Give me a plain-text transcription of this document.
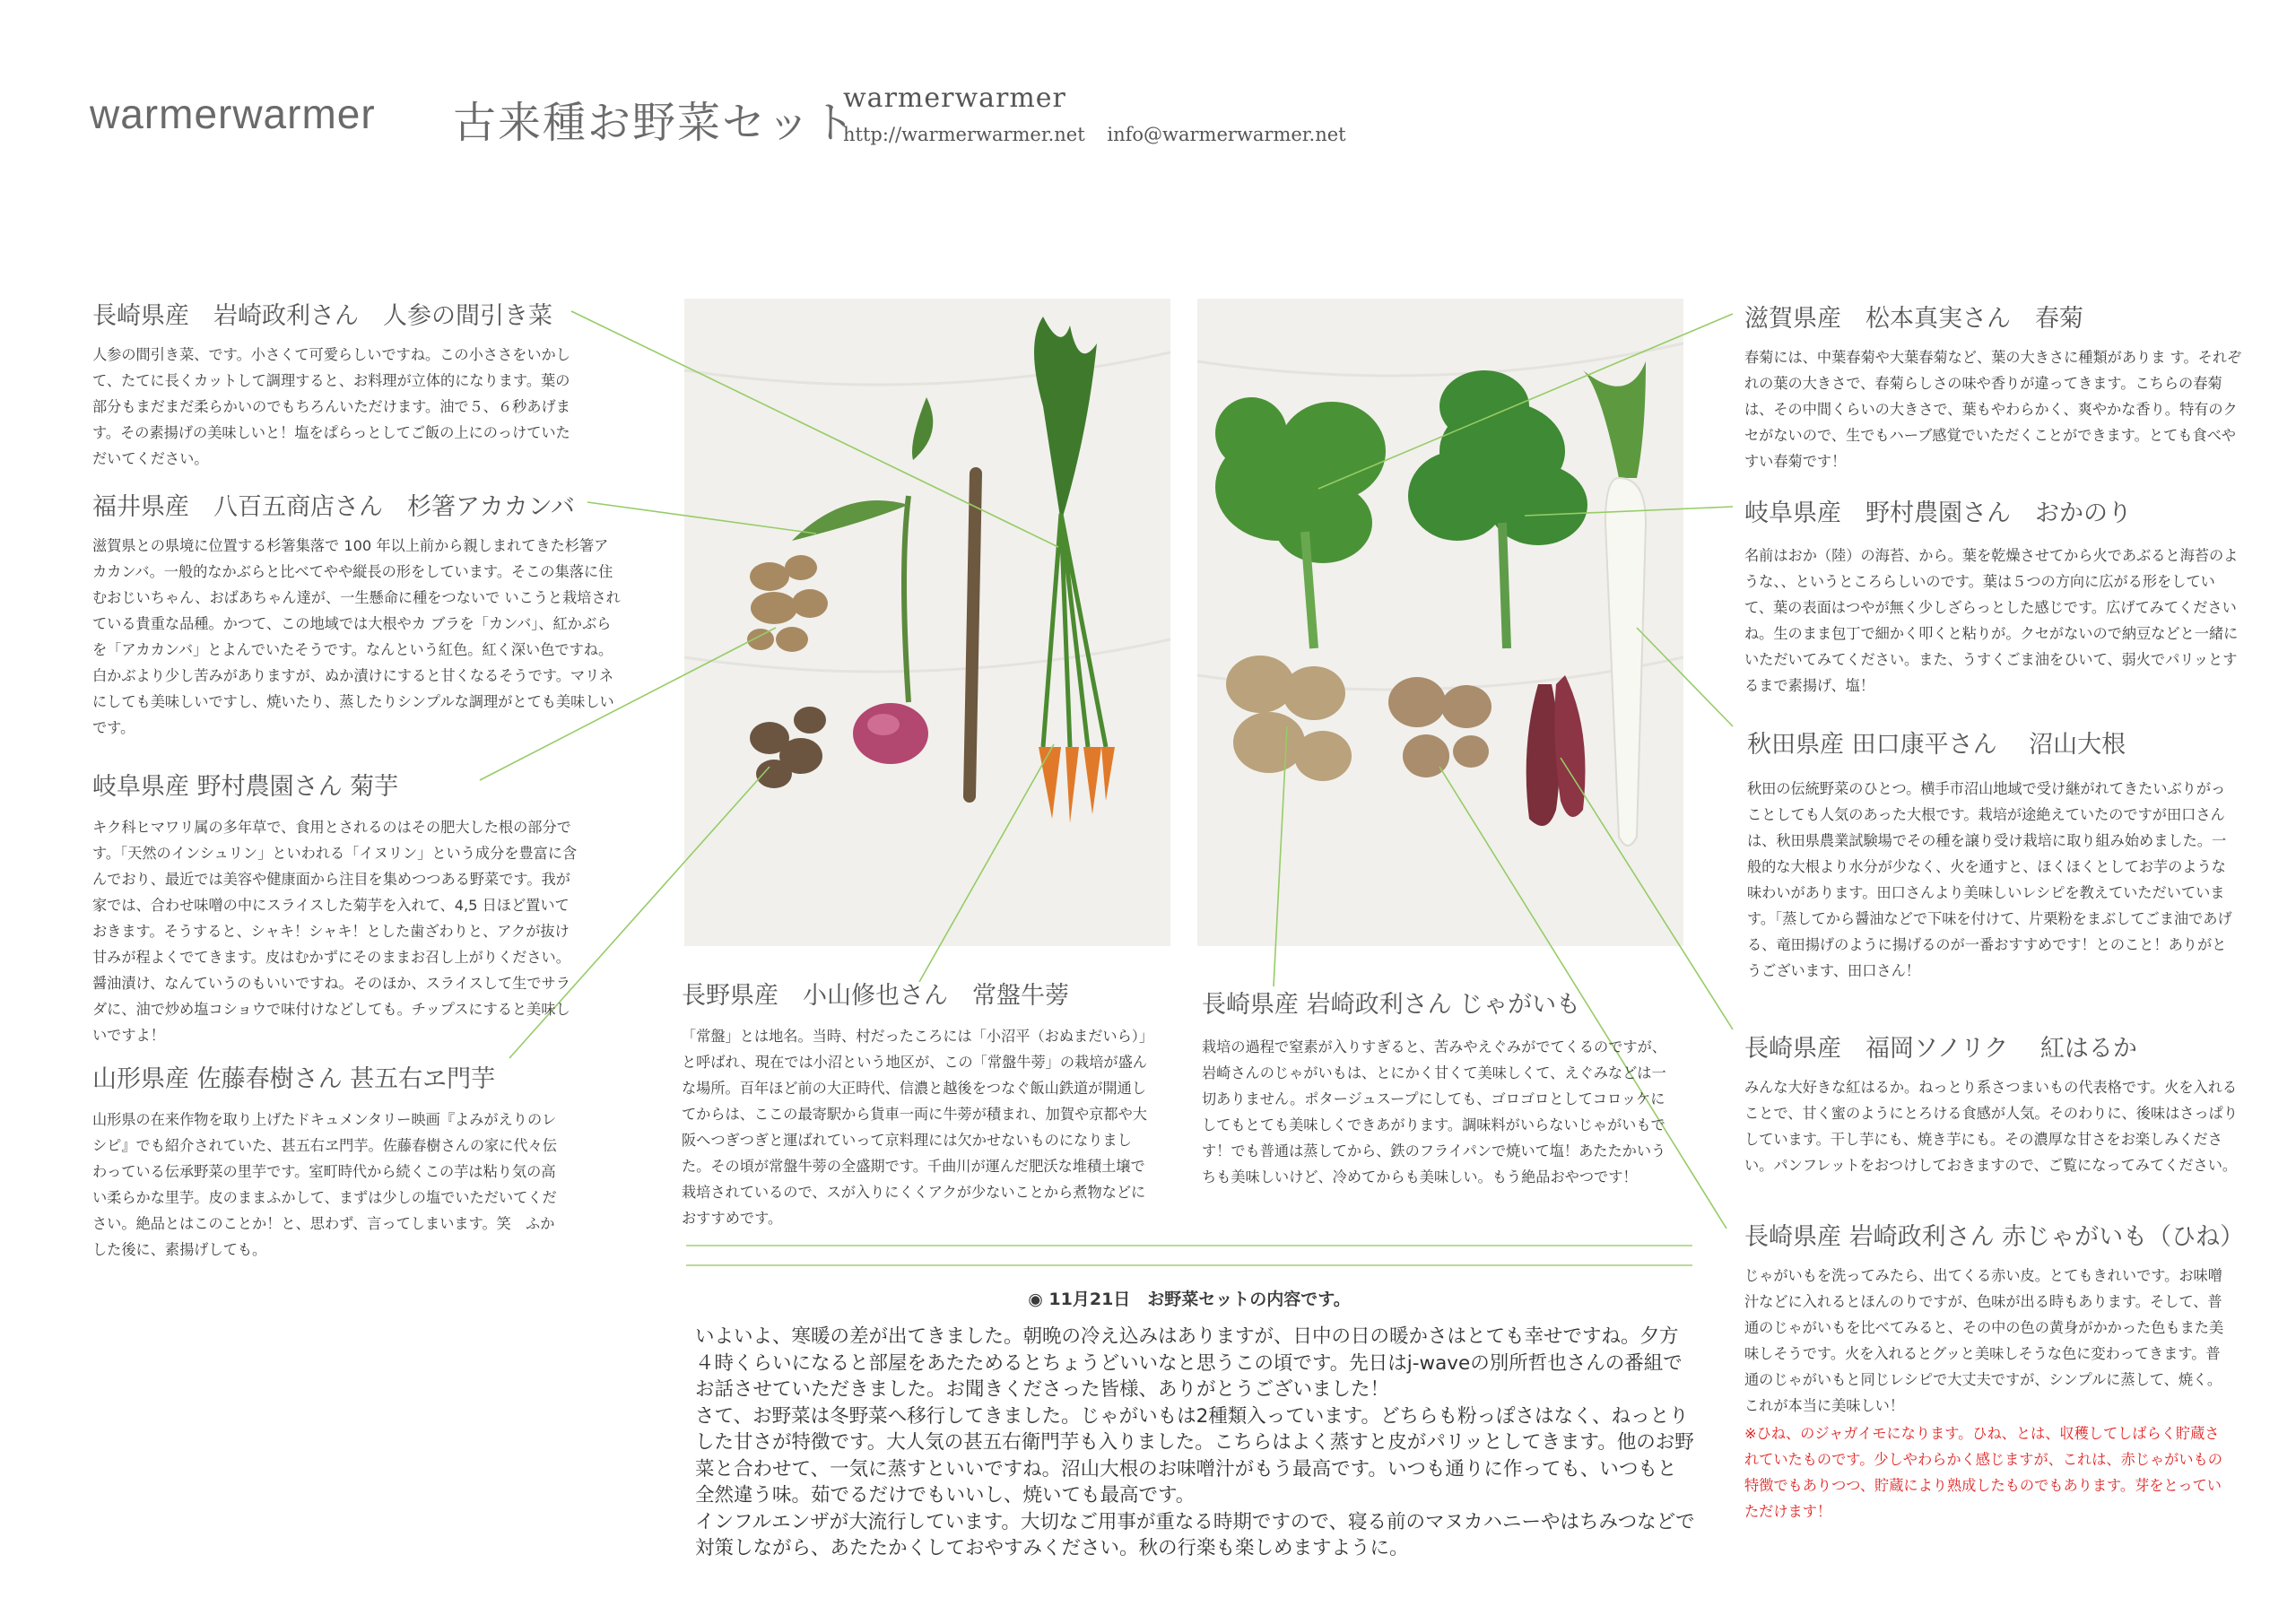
warmerwarmer 古来種お野菜セット
warmerwarmer
http://warmerwarmer.net info@warmerwarmer.net
長崎県産　岩崎政利さん　人参の間引き菜
人参の間引き菜、です。小さくて可愛らしいですね。この小ささをいかして、たてに長くカットして調理すると、お料理が立体的になります。葉の部分もまだまだ柔らかいのでもちろんいただけます。油で５、６秒あげます。その素揚げの美味しいと！塩をぱらっとしてご飯の上にのっけていただいてください。
福井県産　八百五商店さん　杉箸アカカンバ
滋賀県との県境に位置する杉箸集落で 100 年以上前から親しまれてきた杉箸アカカンバ。一般的なかぶらと比べてやや縦長の形をしています。そこの集落に住むおじいちゃん、おばあちゃん達が、一生懸命に種をつないで いこうと栽培されている貴重な品種。かつて、この地域では大根やカ ブラを「カンバ」、紅かぶらを「アカカンバ」とよんでいたそうです。なんという紅色。紅く深い色ですね。白かぶより少し苦みがありますが、ぬか漬けにすると甘くなるそうです。マリネにしても美味しいですし、焼いたり、蒸したりシンプルな調理がとても美味しいです。
岐阜県産 野村農園さん 菊芋
キク科ヒマワリ属の多年草で、食用とされるのはその肥大した根の部分です。「天然のインシュリン」といわれる「イヌリン」という成分を豊富に含んでおり、最近では美容や健康面から注目を集めつつある野菜です。我が家では、合わせ味噌の中にスライスした菊芋を入れて、4,5 日ほど置いておきます。そうすると、シャキ！シャキ！とした歯ざわりと、アクが抜け甘みが程よくでてきます。皮はむかずにそのままお召し上がりください。醤油漬け、なんていうのもいいですね。そのほか、スライスして生でサラダに、油で炒め塩コショウで味付けなどしても。チップスにすると美味しいですよ！
山形県産 佐藤春樹さん 甚五右ヱ門芋
山形県の在来作物を取り上げたドキュメンタリー映画『よみがえりのレシピ』でも紹介されていた、甚五右ヱ門芋。佐藤春樹さんの家に代々伝わっている伝承野菜の里芋です。室町時代から続くこの芋は粘り気の高い柔らかな里芋。皮のままふかして、まずは少しの塩でいただいてください。絶品とはこのことか！と、思わず、言ってしまいます。笑　ふかした後に、素揚げしても。
長野県産　小山修也さん　常盤牛蒡
「常盤」とは地名。当時、村だったころには「小沼平（おぬまだいら）」と呼ばれ、現在では小沼という地区が、この「常盤牛蒡」の栽培が盛んな場所。百年ほど前の大正時代、信濃と越後をつなぐ飯山鉄道が開通してからは、ここの最寄駅から貨車一両に牛蒡が積まれ、加賀や京都や大阪へつぎつぎと運ばれていって京料理には欠かせないものになりました。その頃が常盤牛蒡の全盛期です。千曲川が運んだ肥沃な堆積土壌で栽培されているので、スが入りにくくアクが少ないことから煮物などにおすすめです。
長崎県産 岩崎政利さん じゃがいも
栽培の過程で窒素が入りすぎると、苦みやえぐみがでてくるのですが、岩崎さんのじゃがいもは、とにかく甘くて美味しくて、えぐみなどは一切ありません。ポタージュスープにしても、ゴロゴロとしてコロッケにしてもとても美味しくできあがります。調味料がいらないじゃがいもです！でも普通は蒸してから、鉄のフライパンで焼いて塩！あたたかいうちも美味しいけど、冷めてからも美味しい。もう絶品おやつです！
滋賀県産　松本真実さん　春菊
春菊には、中葉春菊や大葉春菊など、葉の大きさに種類がありま す。それぞれの葉の大きさで、春菊らしさの味や香りが違ってきます。こちらの春菊は、その中間くらいの大きさで、葉もやわらかく、爽やかな香り。特有のクセがないので、生でもハーブ感覚でいただくことができます。とても食べやすい春菊です！
岐阜県産　野村農園さん　おかのり
名前はおか（陸）の海苔、から。葉を乾燥させてから火であぶると海苔のような、、というところらしいのです。葉は５つの方向に広がる形をしていて、葉の表面はつやが無く少しざらっとした感じです。広げてみてくださいね。生のまま包丁で細かく叩くと粘りが。クセがないので納豆などと一緒にいただいてみてください。また、うすくごま油をひいて、弱火でパリッとするまで素揚げ、塩！
秋田県産 田口康平さん　 沼山大根
秋田の伝統野菜のひとつ。横手市沼山地域で受け継がれてきたいぶりがっことしても人気のあった大根です。栽培が途絶えていたのですが田口さんは、秋田県農業試験場でその種を譲り受け栽培に取り組み始めました。一般的な大根より水分が少なく、火を通すと、ほくほくとしてお芋のような味わいがあります。田口さんより美味しいレシピを教えていただいています。「蒸してから醤油などで下味を付けて、片栗粉をまぶしてごま油であげる、竜田揚げのように揚げるのが一番おすすめです！とのこと！ありがとうございます、田口さん！
長崎県産　福岡ソノリク　 紅はるか
みんな大好きな紅はるか。ねっとり系さつまいもの代表格です。火を入れることで、甘く蜜のようにとろける食感が人気。そのわりに、後味はさっぱりしています。干し芋にも、焼き芋にも。その濃厚な甘さをお楽しみください。パンフレットをおつけしておきますので、ご覧になってみてください。
長崎県産 岩崎政利さん 赤じゃがいも（ひね）
じゃがいもを洗ってみたら、出てくる赤い皮。とてもきれいです。お味噌汁などに入れるとほんのりですが、色味が出る時もあります。そして、普通のじゃがいもを比べてみると、その中の色の黄身がかかった色もまた美味しそうです。火を入れるとグッと美味しそうな色に変わってきます。普通のじゃがいもと同じレシピで大丈夫ですが、シンプルに蒸して、焼く。これが本当に美味しい！
※ひね、のジャガイモになります。ひね、とは、収穫してしばらく貯蔵されていたものです。少しやわらかく感じますが、これは、赤じゃがいもの特徴でもありつつ、貯蔵により熟成したものでもあります。芽をとっていただけます！
◉ 11月21日　お野菜セットの内容です。

いよいよ、寒暖の差が出てきました。朝晩の冷え込みはありますが、日中の日の暖かさはとても幸せですね。夕方４時くらいになると部屋をあたためるとちょうどいいなと思うこの頃です。先日はj-waveの別所哲也さんの番組でお話させていただきました。お聞きくださった皆様、ありがとうございました！

さて、お野菜は冬野菜へ移行してきました。じゃがいもは2種類入っています。どちらも粉っぽさはなく、ねっとりした甘さが特徴です。大人気の甚五右衛門芋も入りました。こちらはよく蒸すと皮がパリッとしてきます。他のお野菜と合わせて、一気に蒸すといいですね。沼山大根のお味噌汁がもう最高です。いつも通りに作っても、いつもと全然違う味。茹でるだけでもいいし、焼いても最高です。

インフルエンザが大流行しています。大切なご用事が重なる時期ですので、寝る前のマヌカハニーやはちみつなどで対策しながら、あたたかくしておやすみください。秋の行楽も楽しめますように。
